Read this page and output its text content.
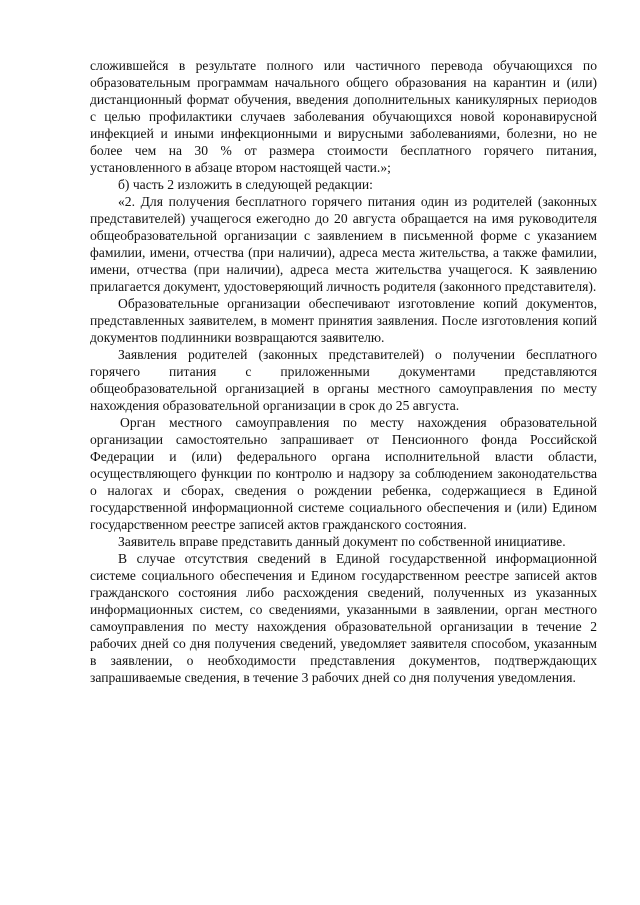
сложившейся в результате полного или частичного перевода обучающихся по образовательным программам начального общего образования на карантин и (или) дистанционный формат обучения, введения дополнительных каникулярных периодов с целью профилактики случаев заболевания обучающихся новой коронавирусной инфекцией и иными инфекционными и вирусными заболеваниями, болезни, но не более чем на 30 % от размера стоимости бесплатного горячего питания, установленного в абзаце втором настоящей части.»;

б) часть 2 изложить в следующей редакции:

«2. Для получения бесплатного горячего питания один из родителей (законных представителей) учащегося ежегодно до 20 августа обращается на имя руководителя общеобразовательной организации с заявлением в письменной форме с указанием фамилии, имени, отчества (при наличии), адреса места жительства, а также фамилии, имени, отчества (при наличии), адреса места жительства учащегося. К заявлению прилагается документ, удостоверяющий личность родителя (законного представителя).

Образовательные организации обеспечивают изготовление копий документов, представленных заявителем, в момент принятия заявления. После изготовления копий документов подлинники возвращаются заявителю.

Заявления родителей (законных представителей) о получении бесплатного горячего питания с приложенными документами представляются общеобразовательной организацией в органы местного самоуправления по месту нахождения образовательной организации в срок до 25 августа.

Орган местного самоуправления по месту нахождения образовательной организации самостоятельно запрашивает от Пенсионного фонда Российской Федерации и (или) федерального органа исполнительной власти области, осуществляющего функции по контролю и надзору за соблюдением законодательства о налогах и сборах, сведения о рождении ребенка, содержащиеся в Единой государственной информационной системе социального обеспечения и (или) Едином государственном реестре записей актов гражданского состояния.

Заявитель вправе представить данный документ по собственной инициативе.

В случае отсутствия сведений в Единой государственной информационной системе социального обеспечения и Едином государственном реестре записей актов гражданского состояния либо расхождения сведений, полученных из указанных информационных систем, со сведениями, указанными в заявлении, орган местного самоуправления по месту нахождения образовательной организации в течение 2 рабочих дней со дня получения сведений, уведомляет заявителя способом, указанным в заявлении, о необходимости представления документов, подтверждающих запрашиваемые сведения, в течение 3 рабочих дней со дня получения уведомления.
